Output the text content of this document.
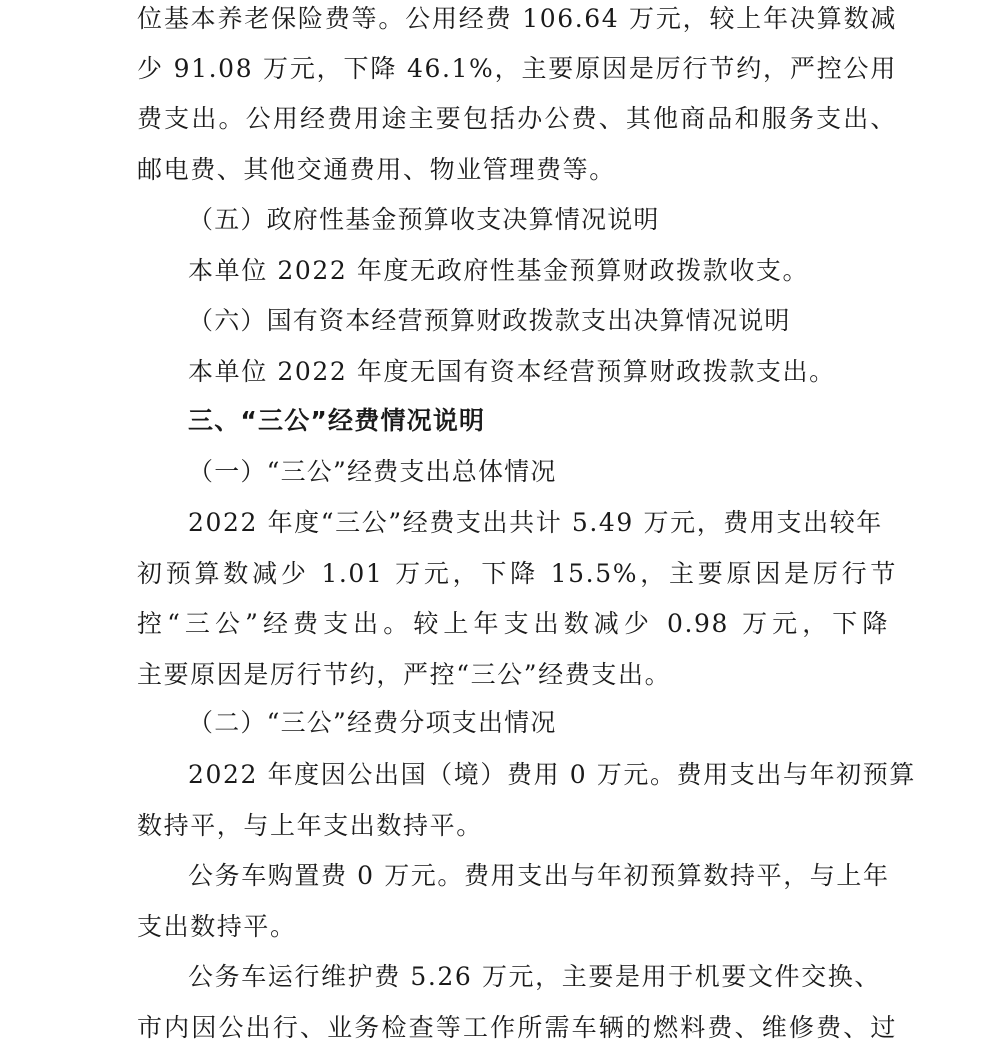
位基本养老保险费等。公用经费 106.64 万元，较上年决算数减
少 91.08 万元，下降 46.1%，主要原因是厉行节约，严控公用
费支出。公用经费用途主要包括办公费、其他商品和服务支出、
邮电费、其他交通费用、物业管理费等。
（五）政府性基金预算收支决算情况说明
本单位 2022 年度无政府性基金预算财政拨款收支。
（六）国有资本经营预算财政拨款支出决算情况说明
本单位 2022 年度无国有资本经营预算财政拨款支出。
三、“三公”经费情况说明
（一）“三公”经费支出总体情况
2022 年度“三公”经费支出共计 5.49 万元，费用支出较年
初预算数减少 1.01 万元，下降 15.5%，主要原因是厉行节
控“三公”经费支出。较上年支出数减少 0.98 万元，下降
主要原因是厉行节约，严控“三公”经费支出。
（二）“三公”经费分项支出情况
2022 年度因公出国（境）费用 0 万元。费用支出与年初预算
数持平，与上年支出数持平。
公务车购置费 0 万元。费用支出与年初预算数持平，与上年
支出数持平。
公务车运行维护费 5.26 万元，主要是用于机要文件交换、
市内因公出行、业务检查等工作所需车辆的燃料费、维修费、过
